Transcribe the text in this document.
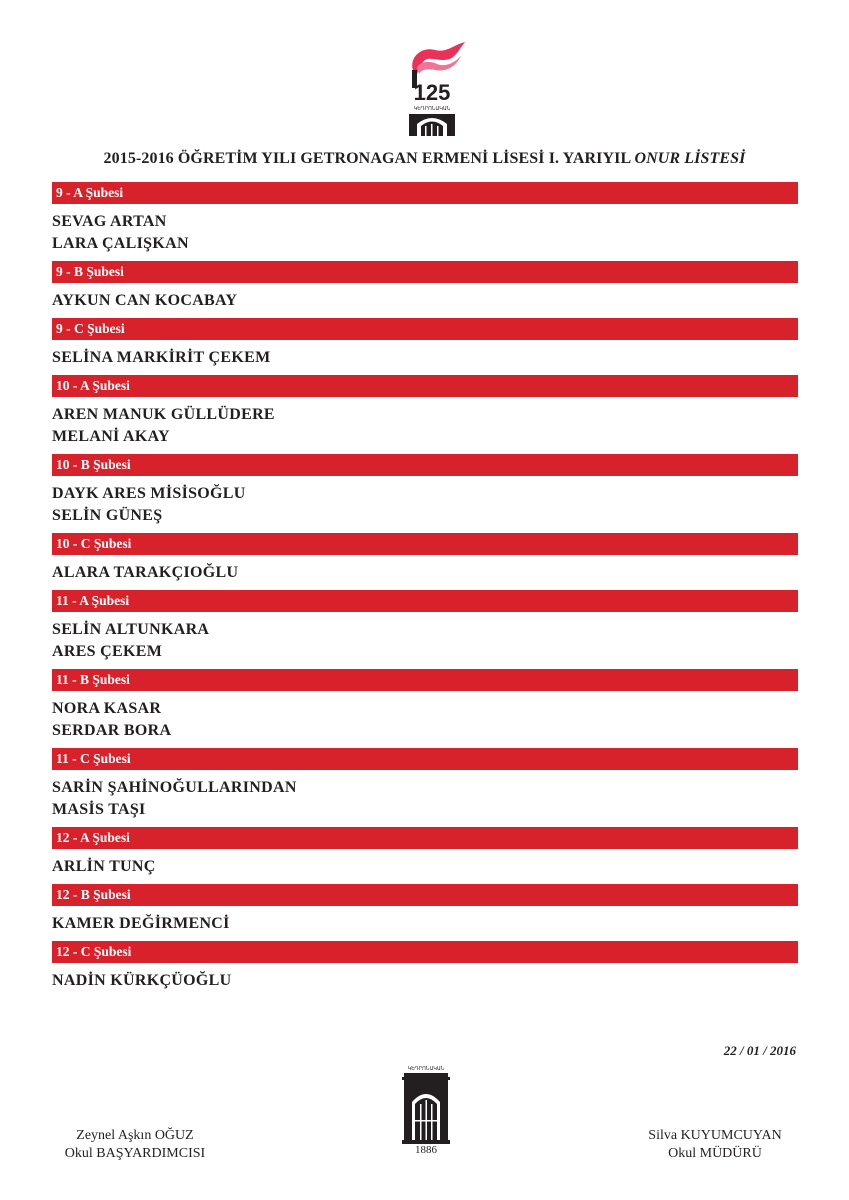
125
ԿԵԴՐՈՆԱԿԱՆ
2015-2016 ÖĞRETİM YILI GETRONAGAN ERMENİ LİSESİ I. YARIYIL ONUR LİSTESİ
9 - A Şubesi
SEVAG ARTAN
LARA ÇALIŞKAN
9 - B Şubesi
AYKUN CAN KOCABAY
9 - C Şubesi
SELİNA MARKİRİT ÇEKEM
10 - A Şubesi
AREN MANUK GÜLLÜDERE
MELANİ AKAY
10 - B Şubesi
DAYK ARES MİSİSOĞLU
SELİN GÜNEŞ
10 - C Şubesi
ALARA TARAKÇIOĞLU
11 - A Şubesi
SELİN ALTUNKARA
ARES ÇEKEM
11 - B Şubesi
NORA KASAR
SERDAR BORA
11 - C Şubesi
SARİN ŞAHİNOĞULLARINDAN
MASİS TAŞI
12 - A Şubesi
ARLİN TUNÇ
12 - B Şubesi
KAMER DEĞİRMENCİ
12 - C Şubesi
NADİN KÜRKÇÜOĞLU
22 / 01 / 2016
ԿԵԴՐՈՆԱԿԱՆ
1886
Zeynel Aşkın OĞUZ
Okul BAŞYARDIMCISI
Silva KUYUMCUYAN
Okul MÜDÜRÜ
